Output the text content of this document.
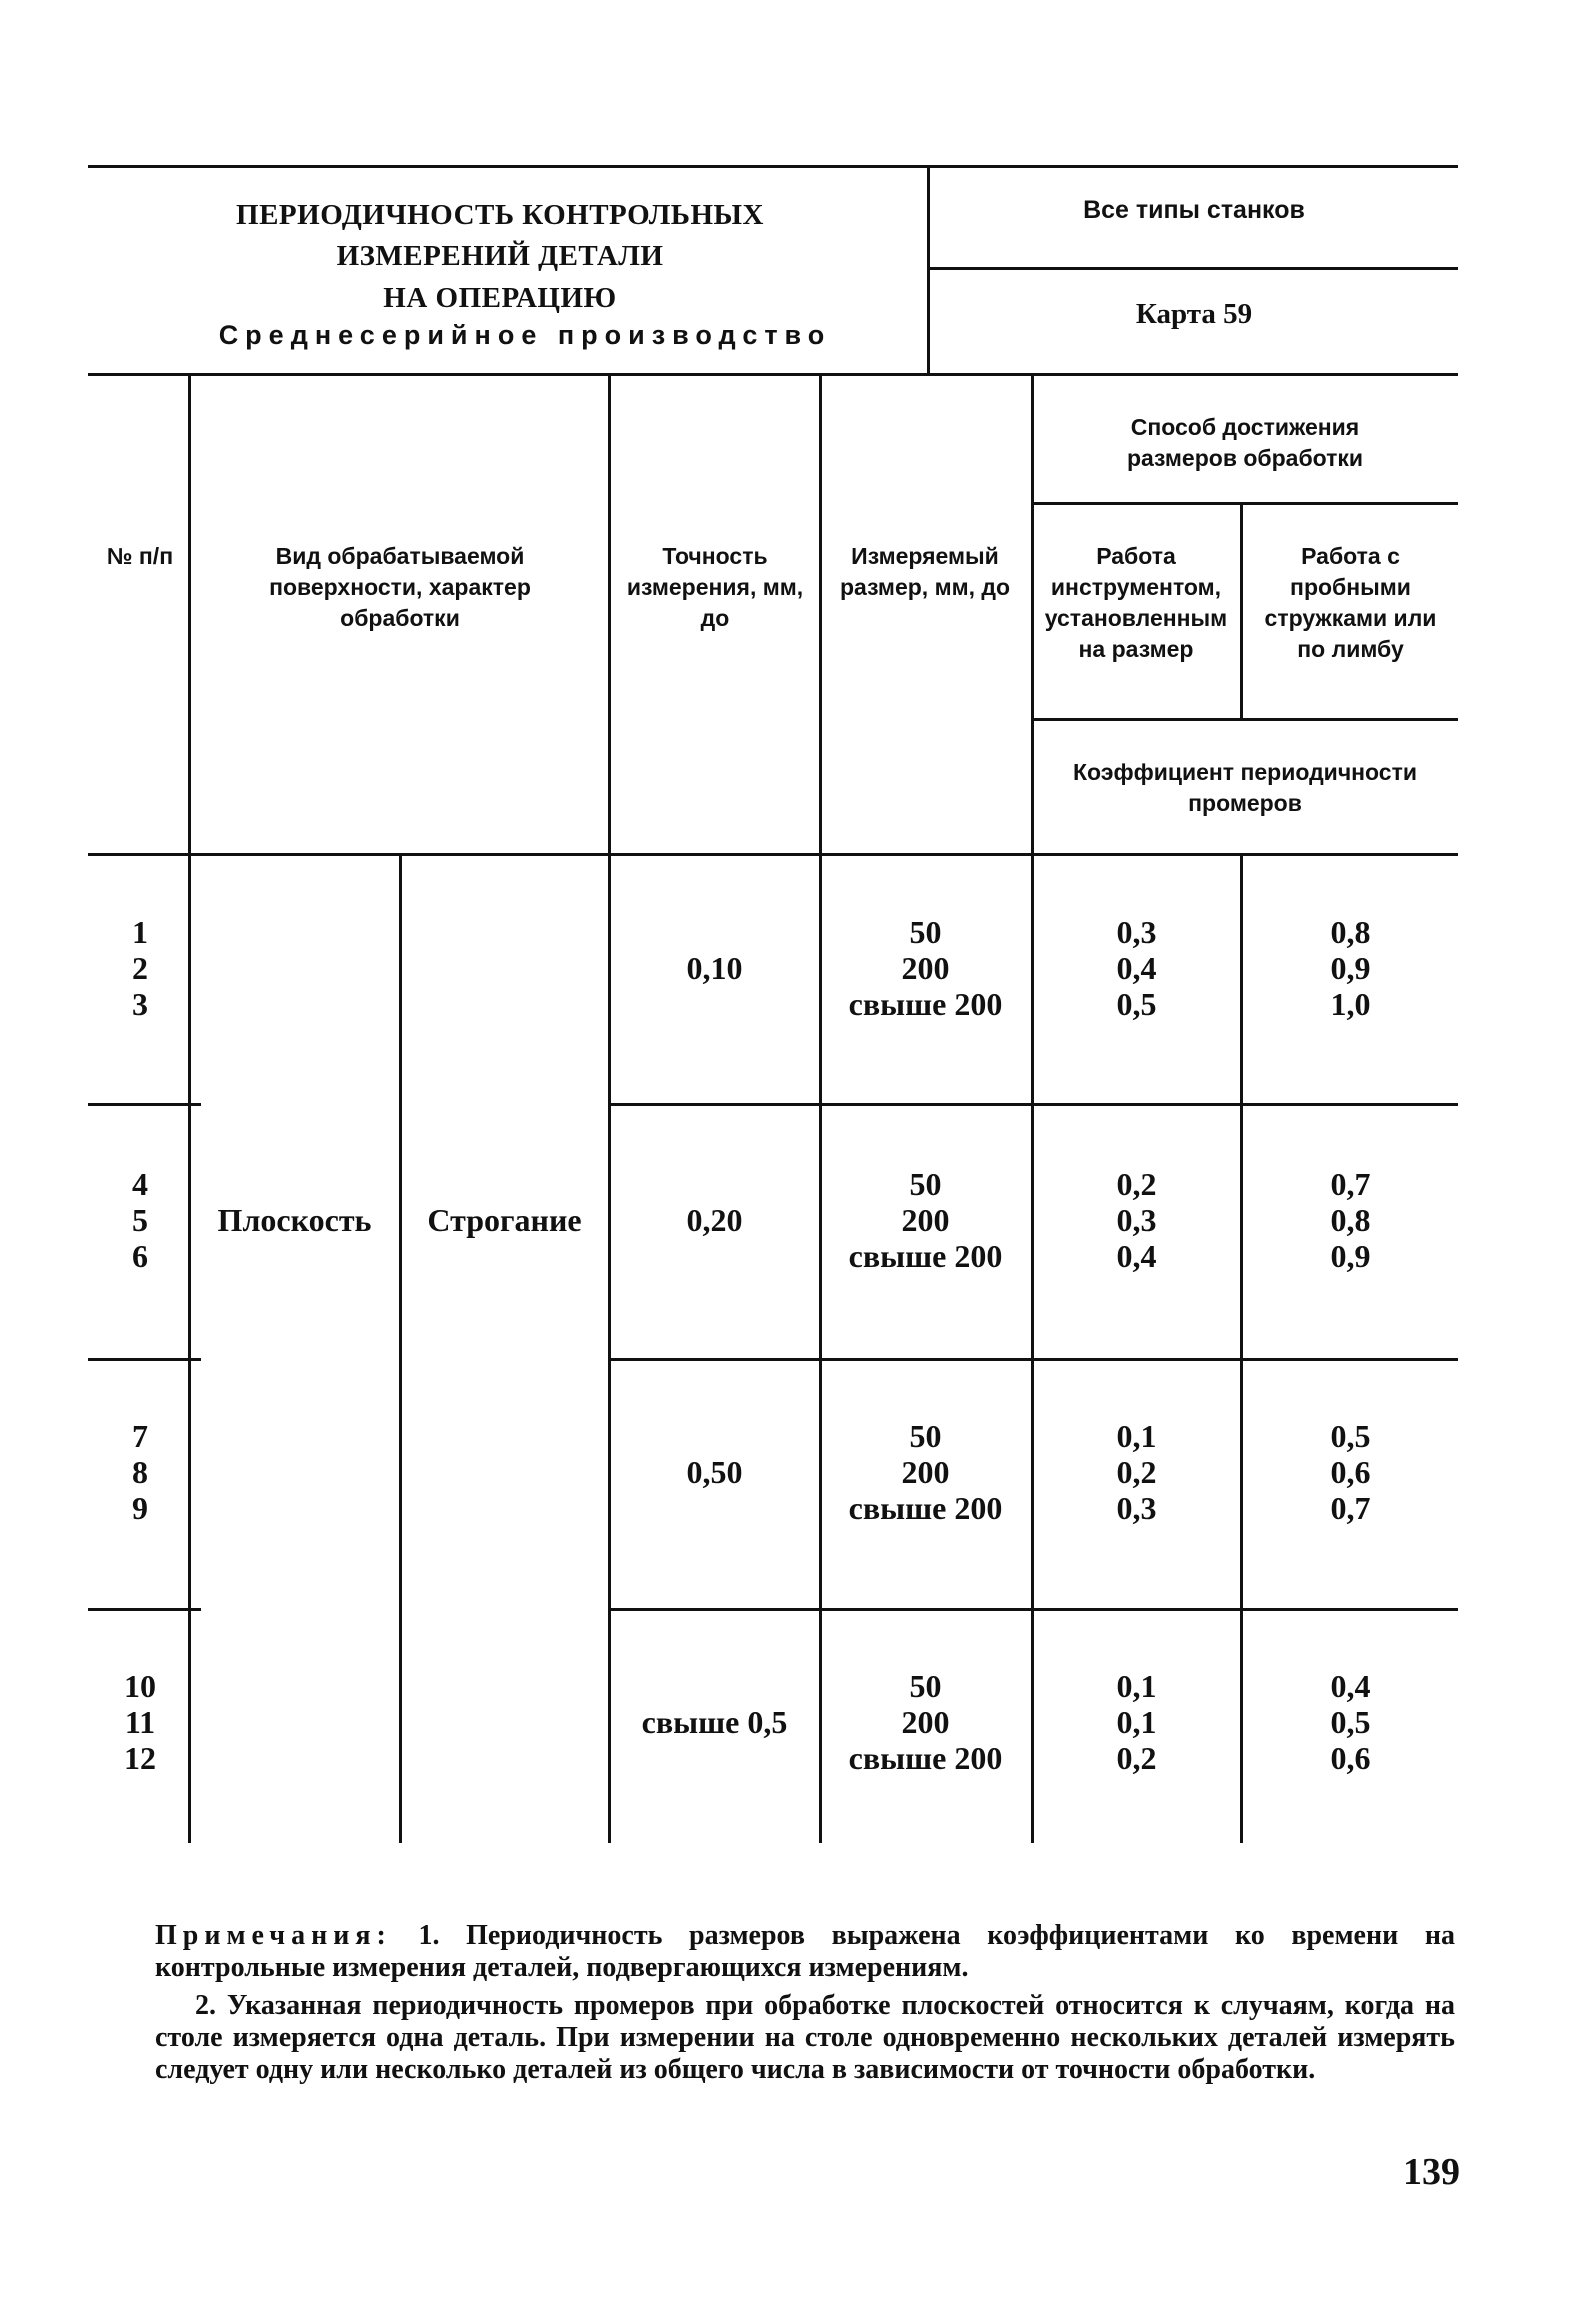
ПЕРИОДИЧНОСТЬ КОНТРОЛЬНЫХ
ИЗМЕРЕНИЙ ДЕТАЛИ
НА ОПЕРАЦИЮ
Среднесерийное производство
Все типы станков
Карта 59
№ п/п	Вид обрабатываемой поверхности, характер обработки
Точность измерения, мм, до
Измеряемый размер, мм, до
Способ достижения размеров обработки
Работа инструментом, установленным на размер
Работа с пробными стружками или по лимбу
Коэффициент периодичности промеров
Плоскость	Строгание
1
2
3
0,10
50
200
свыше 200
0,3
0,4
0,5
0,8
0,9
1,0
4
5
6
0,20
50
200
свыше 200
0,2
0,3
0,4
0,7
0,8
0,9
7
8
9
0,50
50
200
свыше 200
0,1
0,2
0,3
0,5
0,6
0,7
10
11
12
свыше 0,5
50
200
свыше 200
0,1
0,1
0,2
0,4
0,5
0,6
Примечания: 1. Периодичность размеров выражена коэффициентами ко времени на контрольные измерения деталей, подвергающихся измерениям.
2. Указанная периодичность промеров при обработке плоскостей относится к случаям, когда на столе измеряется одна деталь. При измерении на столе одновременно нескольких деталей измерять следует одну или несколько деталей из общего числа в зависимости от точности обработки.
139
